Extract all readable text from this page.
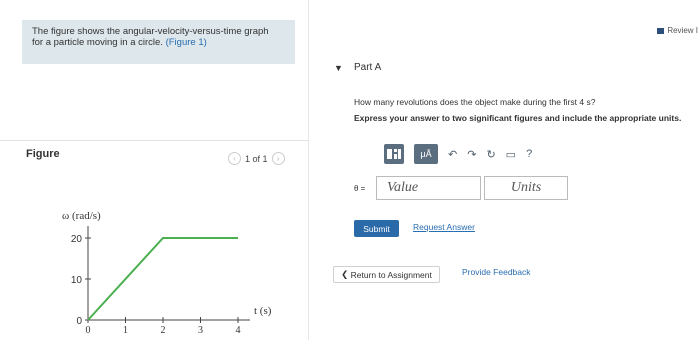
The figure shows the angular-velocity-versus-time graph
for a particle moving in a circle. (Figure 1)
Review I
Figure	‹	1 of 1	›
ω (rad/s)
0
10
20
0	1	2	3	4
t (s)
▼ Part A
How many revolutions does the object make during the first 4 s?
Express your answer to two significant figures and include the appropriate units.
μÅ	↶ ↷ ↻ ▭ ?
θ =	Value	Units
Submit	Request Answer
❮ Return to Assignment	Provide Feedback
